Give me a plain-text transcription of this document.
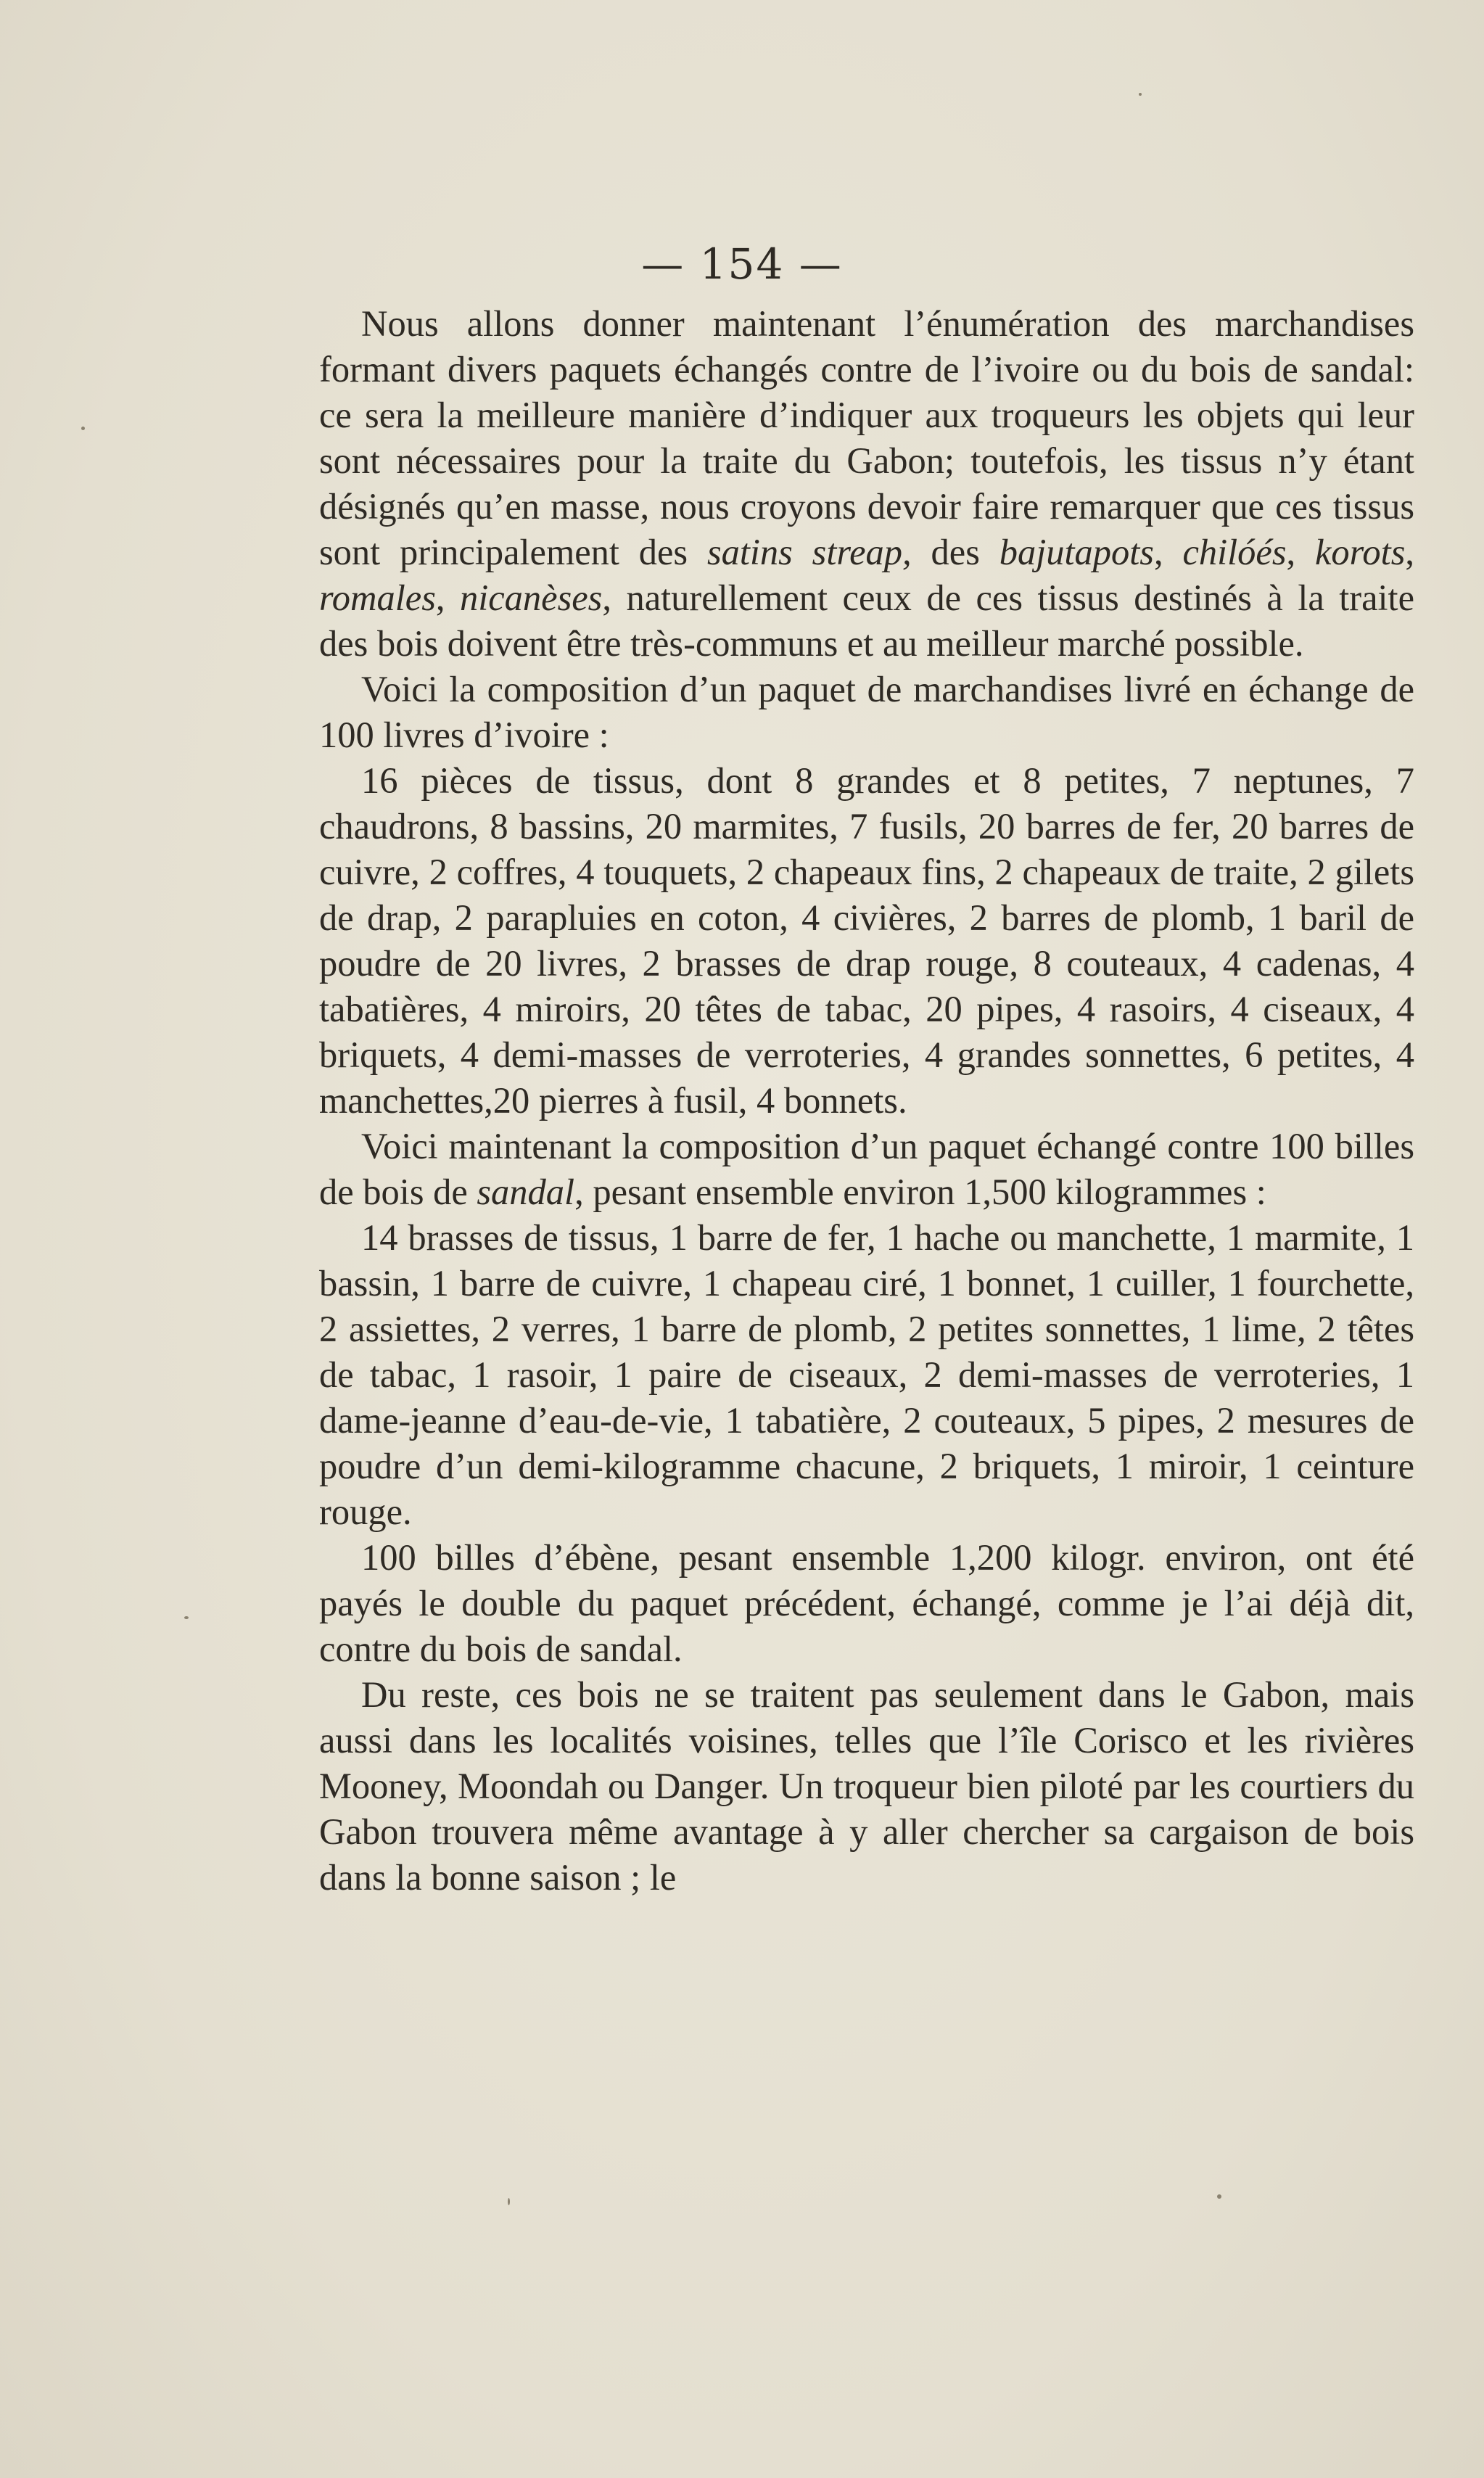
— 154 —

Nous allons donner maintenant l’énumération des marchandises formant divers paquets échangés contre de l’ivoire ou du bois de sandal: ce sera la meilleure manière d’indiquer aux troqueurs les objets qui leur sont nécessaires pour la traite du Gabon; toutefois, les tissus n’y étant désignés qu’en masse, nous croyons devoir faire remarquer que ces tissus sont principalement des satins streap, des bajutapots, chilóés, korots, romales, nicanèses, naturellement ceux de ces tissus destinés à la traite des bois doivent être très-communs et au meilleur marché possible.

Voici la composition d’un paquet de marchandises livré en échange de 100 livres d’ivoire :

16 pièces de tissus, dont 8 grandes et 8 petites, 7 neptunes, 7 chaudrons, 8 bassins, 20 marmites, 7 fusils, 20 barres de fer, 20 barres de cuivre, 2 coffres, 4 touquets, 2 chapeaux fins, 2 chapeaux de traite, 2 gilets de drap, 2 parapluies en coton, 4 civières, 2 barres de plomb, 1 baril de poudre de 20 livres, 2 brasses de drap rouge, 8 couteaux, 4 cadenas, 4 tabatières, 4 miroirs, 20 têtes de tabac, 20 pipes, 4 rasoirs, 4 ciseaux, 4 briquets, 4 demi-masses de verroteries, 4 grandes sonnettes, 6 petites, 4 manchettes,20 pierres à fusil, 4 bonnets.

Voici maintenant la composition d’un paquet échangé contre 100 billes de bois de sandal, pesant ensemble environ 1,500 kilogrammes :

14 brasses de tissus, 1 barre de fer, 1 hache ou manchette, 1 marmite, 1 bassin, 1 barre de cuivre, 1 chapeau ciré, 1 bonnet, 1 cuiller, 1 fourchette, 2 assiettes, 2 verres, 1 barre de plomb, 2 petites sonnettes, 1 lime, 2 têtes de tabac, 1 rasoir, 1 paire de ciseaux, 2 demi-masses de verroteries, 1 dame-jeanne d’eau-de-vie, 1 tabatière, 2 couteaux, 5 pipes, 2 mesures de poudre d’un demi-kilogramme chacune, 2 briquets, 1 miroir, 1 ceinture rouge.

100 billes d’ébène, pesant ensemble 1,200 kilogr. environ, ont été payés le double du paquet précédent, échangé, comme je l’ai déjà dit, contre du bois de sandal.

Du reste, ces bois ne se traitent pas seulement dans le Gabon, mais aussi dans les localités voisines, telles que l’île Corisco et les rivières Mooney, Moondah ou Danger. Un troqueur bien piloté par les courtiers du Gabon trouvera même avantage à y aller chercher sa cargaison de bois dans la bonne saison ; le
